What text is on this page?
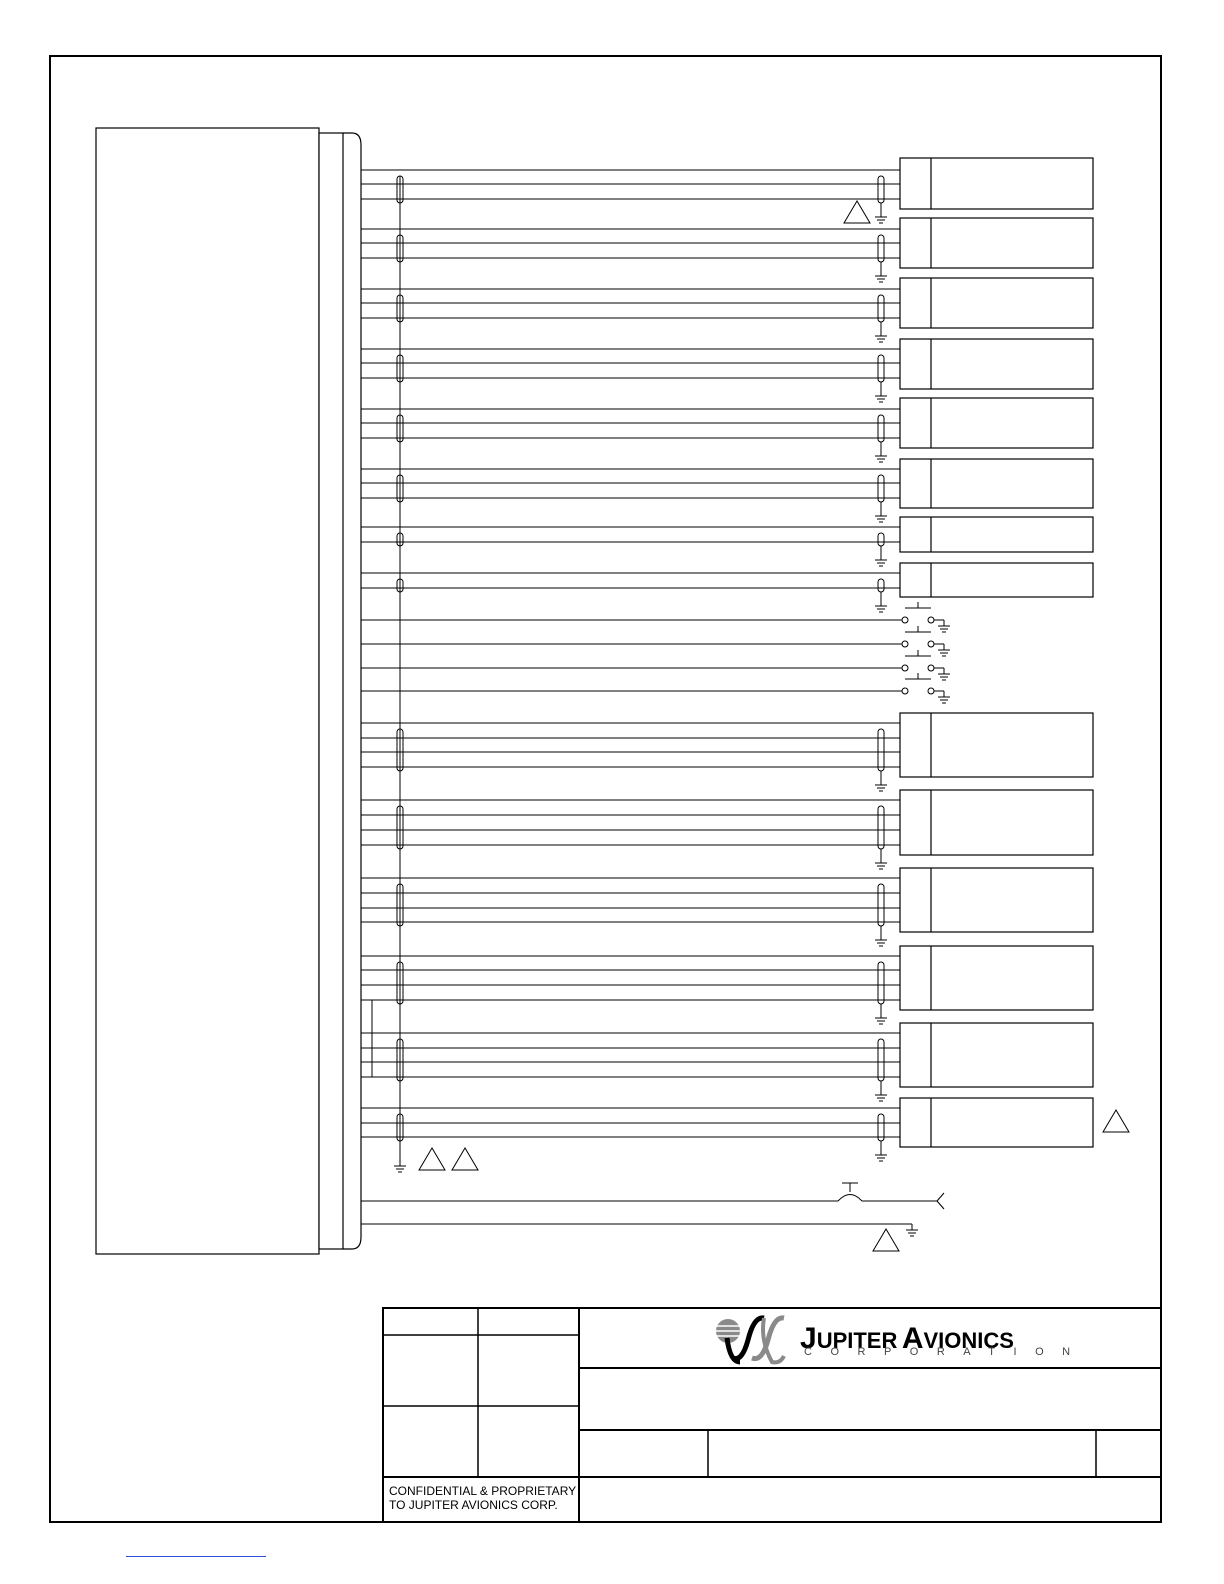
JUPITER AVIONICS
CORPORATION
CONFIDENTIAL & PROPRIETARY
TO JUPITER AVIONICS CORP.
